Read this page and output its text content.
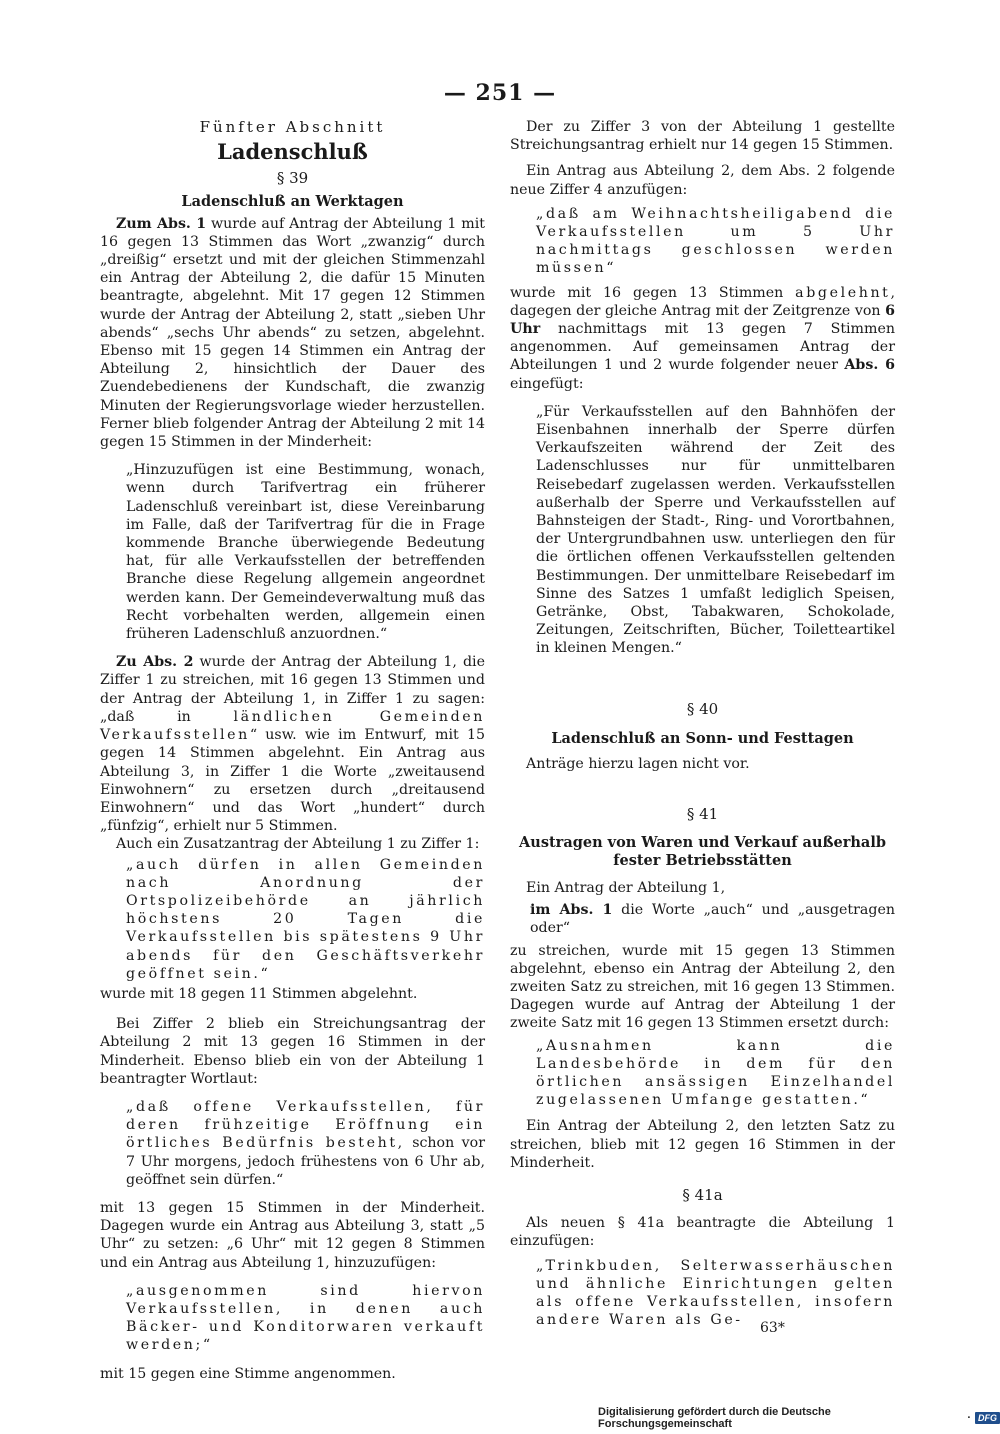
— 251 —
Fünfter Abschnitt
Ladenschluß
§ 39
Ladenschluß an Werktagen

Zum Abs. 1 wurde auf Antrag der Abteilung 1 mit 16 gegen 13 Stimmen das Wort „zwanzig“ durch „dreißig“ ersetzt und mit der gleichen Stimmenzahl ein Antrag der Abteilung 2, die dafür 15 Minuten beantragte, abgelehnt. Mit 17 gegen 12 Stimmen wurde der Antrag der Abteilung 2, statt „sieben Uhr abends“ „sechs Uhr abends“ zu setzen, abgelehnt. Ebenso mit 15 gegen 14 Stimmen ein Antrag der Abteilung 2, hinsichtlich der Dauer des Zuendebedienens der Kundschaft, die zwanzig Minuten der Regierungsvorlage wieder herzustellen. Ferner blieb folgender Antrag der Abteilung 2 mit 14 gegen 15 Stimmen in der Minderheit:

„Hinzuzufügen ist eine Bestimmung, wonach, wenn durch Tarifvertrag ein früherer Ladenschluß vereinbart ist, diese Vereinbarung im Falle, daß der Tarifvertrag für die in Frage kommende Branche überwiegende Bedeutung hat, für alle Verkaufsstellen der betreffenden Branche diese Regelung allgemein angeordnet werden kann. Der Gemeindeverwaltung muß das Recht vorbehalten werden, allgemein einen früheren Ladenschluß anzuordnen.“

Zu Abs. 2 wurde der Antrag der Abteilung 1, die Ziffer 1 zu streichen, mit 16 gegen 13 Stimmen und der Antrag der Abteilung 1, in Ziffer 1 zu sagen: „daß in ländlichen Gemeinden Verkaufsstellen“ usw. wie im Entwurf, mit 15 gegen 14 Stimmen abgelehnt. Ein Antrag aus Abteilung 3, in Ziffer 1 die Worte „zweitausend Einwohnern“ zu ersetzen durch „dreitausend Einwohnern“ und das Wort „hundert“ durch „fünfzig“, erhielt nur 5 Stimmen.

Auch ein Zusatzantrag der Abteilung 1 zu Ziffer 1:

„auch dürfen in allen Gemeinden nach Anordnung der Ortspolizeibehörde an jährlich höchstens 20 Tagen die Verkaufsstellen bis spätestens 9 Uhr abends für den Geschäftsverkehr geöffnet sein.“

wurde mit 18 gegen 11 Stimmen abgelehnt.

Bei Ziffer 2 blieb ein Streichungsantrag der Abteilung 2 mit 13 gegen 16 Stimmen in der Minderheit. Ebenso blieb ein von der Abteilung 1 beantragter Wortlaut:

„daß offene Verkaufsstellen, für deren frühzeitige Eröffnung ein örtliches Bedürfnis besteht, schon vor 7 Uhr morgens, jedoch frühestens von 6 Uhr ab, geöffnet sein dürfen.“

mit 13 gegen 15 Stimmen in der Minderheit. Dagegen wurde ein Antrag aus Abteilung 3, statt „5 Uhr“ zu setzen: „6 Uhr“ mit 12 gegen 8 Stimmen und ein Antrag aus Abteilung 1, hinzuzufügen:

„ausgenommen sind hiervon Verkaufsstellen, in denen auch Bäcker- und Konditorwaren verkauft werden;“

mit 15 gegen eine Stimme angenommen.

Der zu Ziffer 3 von der Abteilung 1 gestellte Streichungsantrag erhielt nur 14 gegen 15 Stimmen.

Ein Antrag aus Abteilung 2, dem Abs. 2 folgende neue Ziffer 4 anzufügen:

„daß am Weihnachtsheiligabend die Verkaufsstellen um 5 Uhr nachmittags geschlossen werden müssen“

wurde mit 16 gegen 13 Stimmen abgelehnt, dagegen der gleiche Antrag mit der Zeitgrenze von 6 Uhr nachmittags mit 13 gegen 7 Stimmen angenommen. Auf gemeinsamen Antrag der Abteilungen 1 und 2 wurde folgender neuer Abs. 6 eingefügt:

„Für Verkaufsstellen auf den Bahnhöfen der Eisenbahnen innerhalb der Sperre dürfen Verkaufszeiten während der Zeit des Ladenschlusses nur für unmittelbaren Reisebedarf zugelassen werden. Verkaufsstellen außerhalb der Sperre und Verkaufsstellen auf Bahnsteigen der Stadt-, Ring- und Vorortbahnen, der Untergrundbahnen usw. unterliegen den für die örtlichen offenen Verkaufsstellen geltenden Bestimmungen. Der unmittelbare Reisebedarf im Sinne des Satzes 1 umfaßt lediglich Speisen, Getränke, Obst, Tabakwaren, Schokolade, Zeitungen, Zeitschriften, Bücher, Toiletteartikel in kleinen Mengen.“

§ 40
Ladenschluß an Sonn- und Festtagen

Anträge hierzu lagen nicht vor.

§ 41
Austragen von Waren und Verkauf außerhalb fester Betriebsstätten

Ein Antrag der Abteilung 1,

im Abs. 1 die Worte „auch“ und „ausgetragen oder“

zu streichen, wurde mit 15 gegen 13 Stimmen abgelehnt, ebenso ein Antrag der Abteilung 2, den zweiten Satz zu streichen, mit 16 gegen 13 Stimmen. Dagegen wurde auf Antrag der Abteilung 1 der zweite Satz mit 16 gegen 13 Stimmen ersetzt durch:

„Ausnahmen kann die Landesbehörde in dem für den örtlichen ansässigen Einzelhandel zugelassenen Umfange gestatten.“

Ein Antrag der Abteilung 2, den letzten Satz zu streichen, blieb mit 12 gegen 16 Stimmen in der Minderheit.

§ 41a

Als neuen § 41a beantragte die Abteilung 1 einzufügen:

„Trinkbuden, Selterwasserhäuschen und ähnliche Einrichtungen gelten als offene Verkaufsstellen, insofern andere Waren als Ge-	63*
Digitalisierung gefördert durch die Deutsche Forschungsgemeinschaft	· DFG
